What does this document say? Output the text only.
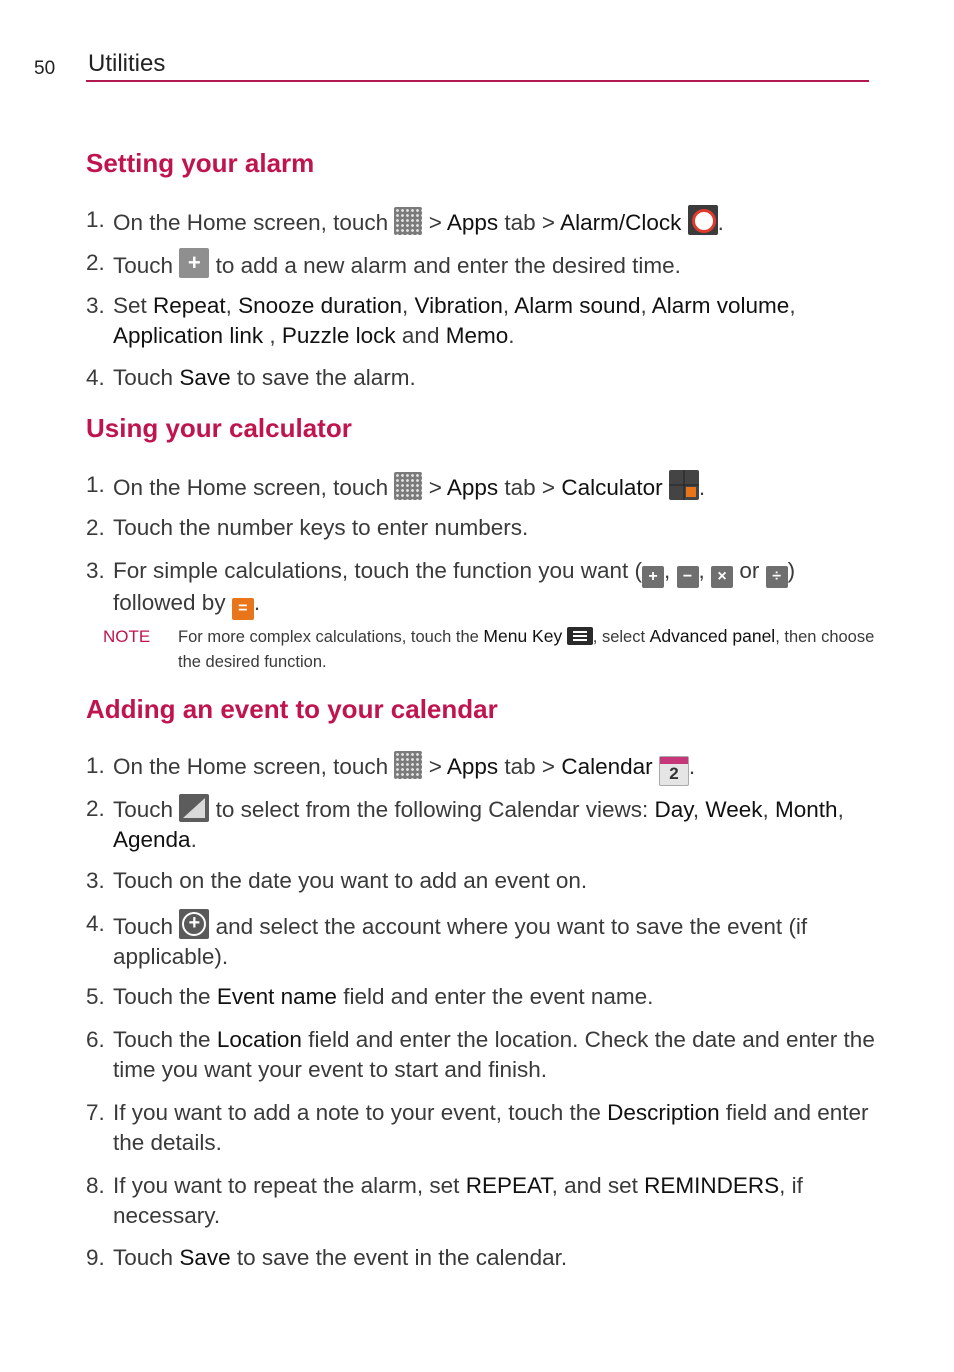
50 Utilities
Setting your alarm
1. On the Home screen, touch > Apps tab > Alarm/Clock .
2. Touch + to add a new alarm and enter the desired time.
3. Set Repeat, Snooze duration, Vibration, Alarm sound, Alarm volume, Application link , Puzzle lock and Memo.
4. Touch Save to save the alarm.
Using your calculator
1. On the Home screen, touch > Apps tab > Calculator .
2. Touch the number keys to enter numbers.
3. For simple calculations, touch the function you want ( + , − , × or ÷ ) followed by = .
NOTE For more complex calculations, touch the Menu Key , select Advanced panel, then choose the desired function.
Adding an event to your calendar
1. On the Home screen, touch > Apps tab > Calendar 2 .
2. Touch to select from the following Calendar views: Day, Week, Month, Agenda.
3. Touch on the date you want to add an event on.
4. Touch + and select the account where you want to save the event (if applicable).
5. Touch the Event name field and enter the event name.
6. Touch the Location field and enter the location. Check the date and enter the time you want your event to start and finish.
7. If you want to add a note to your event, touch the Description field and enter the details.
8. If you want to repeat the alarm, set REPEAT, and set REMINDERS, if necessary.
9. Touch Save to save the event in the calendar.
